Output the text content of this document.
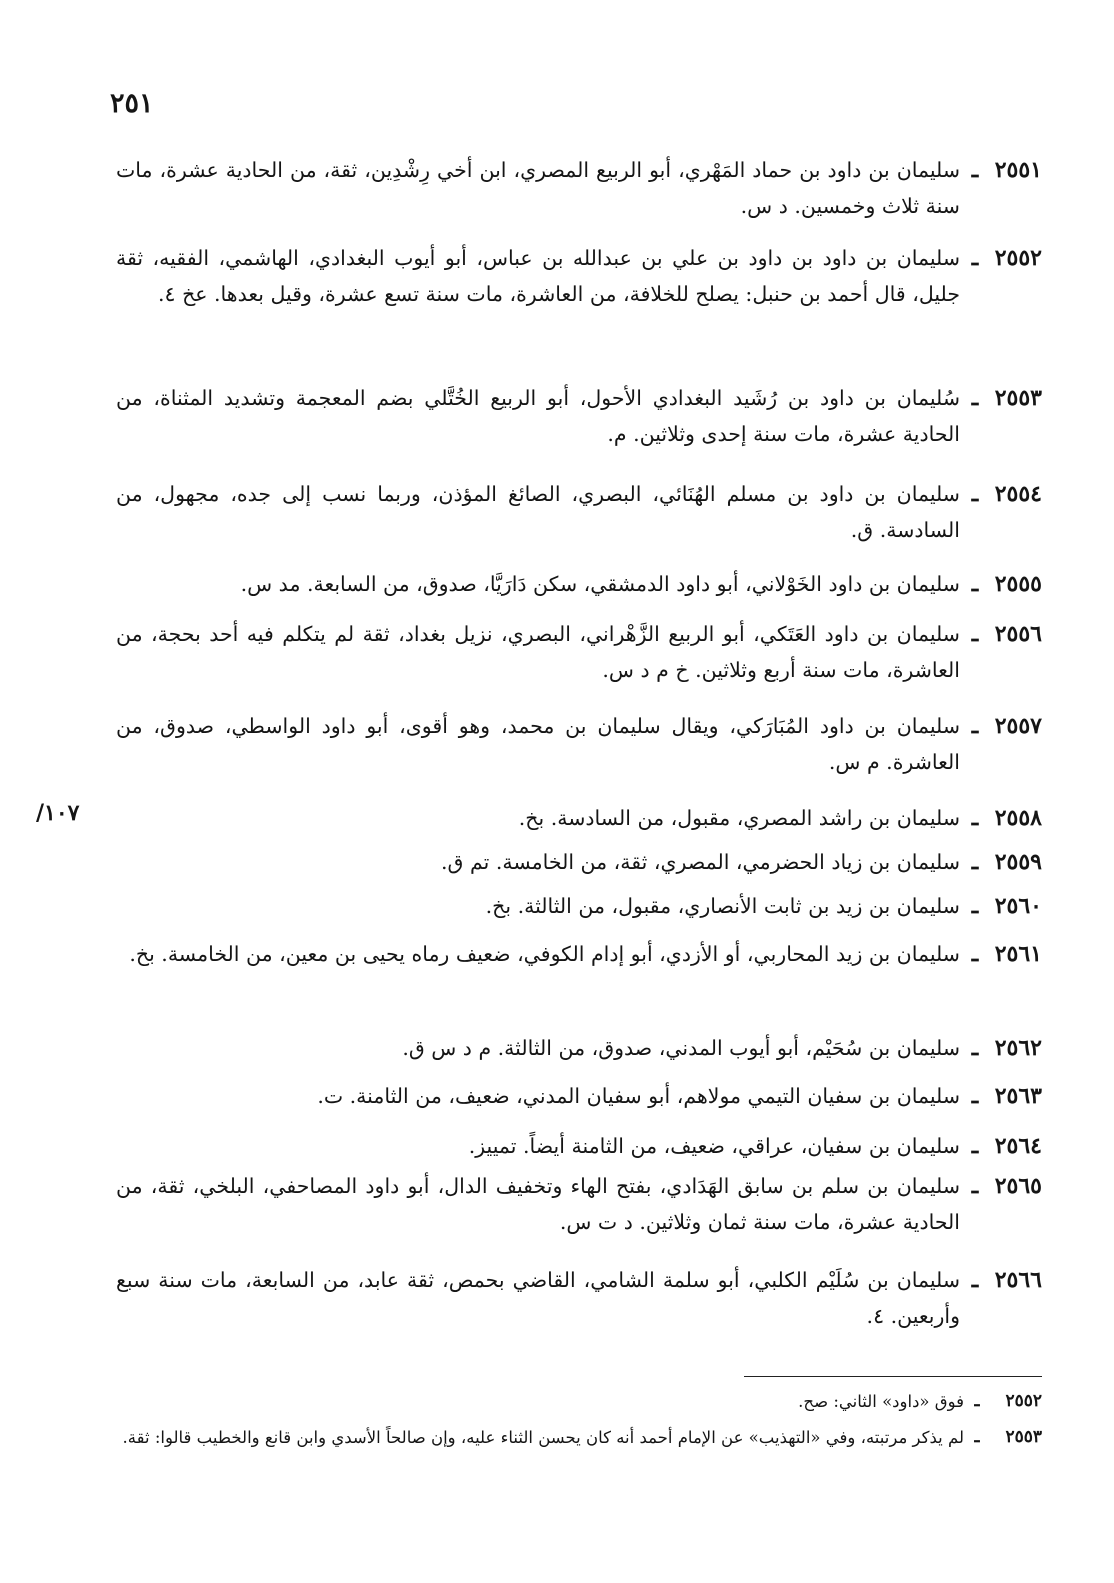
٢٥١
/١٠٧
٢٥٥١
ـ
سليمان بن داود بن حماد المَهْري، أبو الربيع المصري، ابن أخي رِشْدِين، ثقة، من الحادية عشرة، مات سنة ثلاث وخمسين. د س.
٢٥٥٢
ـ
سليمان بن داود بن داود بن علي بن عبدالله بن عباس، أبو أيوب البغدادي، الهاشمي، الفقيه، ثقة جليل، قال أحمد بن حنبل: يصلح للخلافة، من العاشرة، مات سنة تسع عشرة، وقيل بعدها. عخ ٤.
٢٥٥٣
ـ
سُليمان بن داود بن رُشَيد البغدادي الأحول، أبو الربيع الخُتَّلي بضم المعجمة وتشديد المثناة، من الحادية عشرة، مات سنة إحدى وثلاثين. م.
٢٥٥٤
ـ
سليمان بن داود بن مسلم الهُنَائي، البصري، الصائغ المؤذن، وربما نسب إلى جده، مجهول، من السادسة. ق.
٢٥٥٥
ـ
سليمان بن داود الخَوْلاني، أبو داود الدمشقي، سكن دَارَيَّا، صدوق، من السابعة. مد س.
٢٥٥٦
ـ
سليمان بن داود العَتَكي، أبو الربيع الزَّهْراني، البصري، نزيل بغداد، ثقة لم يتكلم فيه أحد بحجة، من العاشرة، مات سنة أربع وثلاثين. خ م د س.
٢٥٥٧
ـ
سليمان بن داود المُبَارَكي، ويقال سليمان بن محمد، وهو أقوى، أبو داود الواسطي، صدوق، من العاشرة. م س.
٢٥٥٨
ـ
سليمان بن راشد المصري، مقبول، من السادسة. بخ.
٢٥٥٩
ـ
سليمان بن زياد الحضرمي، المصري، ثقة، من الخامسة. تم ق.
٢٥٦٠
ـ
سليمان بن زيد بن ثابت الأنصاري، مقبول، من الثالثة. بخ.
٢٥٦١
ـ
سليمان بن زيد المحاربي، أو الأزدي، أبو إدام الكوفي، ضعيف رماه يحيى بن معين، من الخامسة. بخ.
٢٥٦٢
ـ
سليمان بن سُحَيْم، أبو أيوب المدني، صدوق، من الثالثة. م د س ق.
٢٥٦٣
ـ
سليمان بن سفيان التيمي مولاهم، أبو سفيان المدني، ضعيف، من الثامنة. ت.
٢٥٦٤
ـ
سليمان بن سفيان، عراقي، ضعيف، من الثامنة أيضاً. تمييز.
٢٥٦٥
ـ
سليمان بن سلم بن سابق الهَدَادي، بفتح الهاء وتخفيف الدال، أبو داود المصاحفي، البلخي، ثقة، من الحادية عشرة، مات سنة ثمان وثلاثين. د ت س.
٢٥٦٦
ـ
سليمان بن سُلَيْم الكلبي، أبو سلمة الشامي، القاضي بحمص، ثقة عابد، من السابعة، مات سنة سبع وأربعين. ٤.
٢٥٥٢
ـ
فوق «داود» الثاني: صح.
٢٥٥٣
ـ
لم يذكر مرتبته، وفي «التهذيب» عن الإمام أحمد أنه كان يحسن الثناء عليه، وإن صالحاً الأسدي وابن قانع والخطيب قالوا: ثقة.
